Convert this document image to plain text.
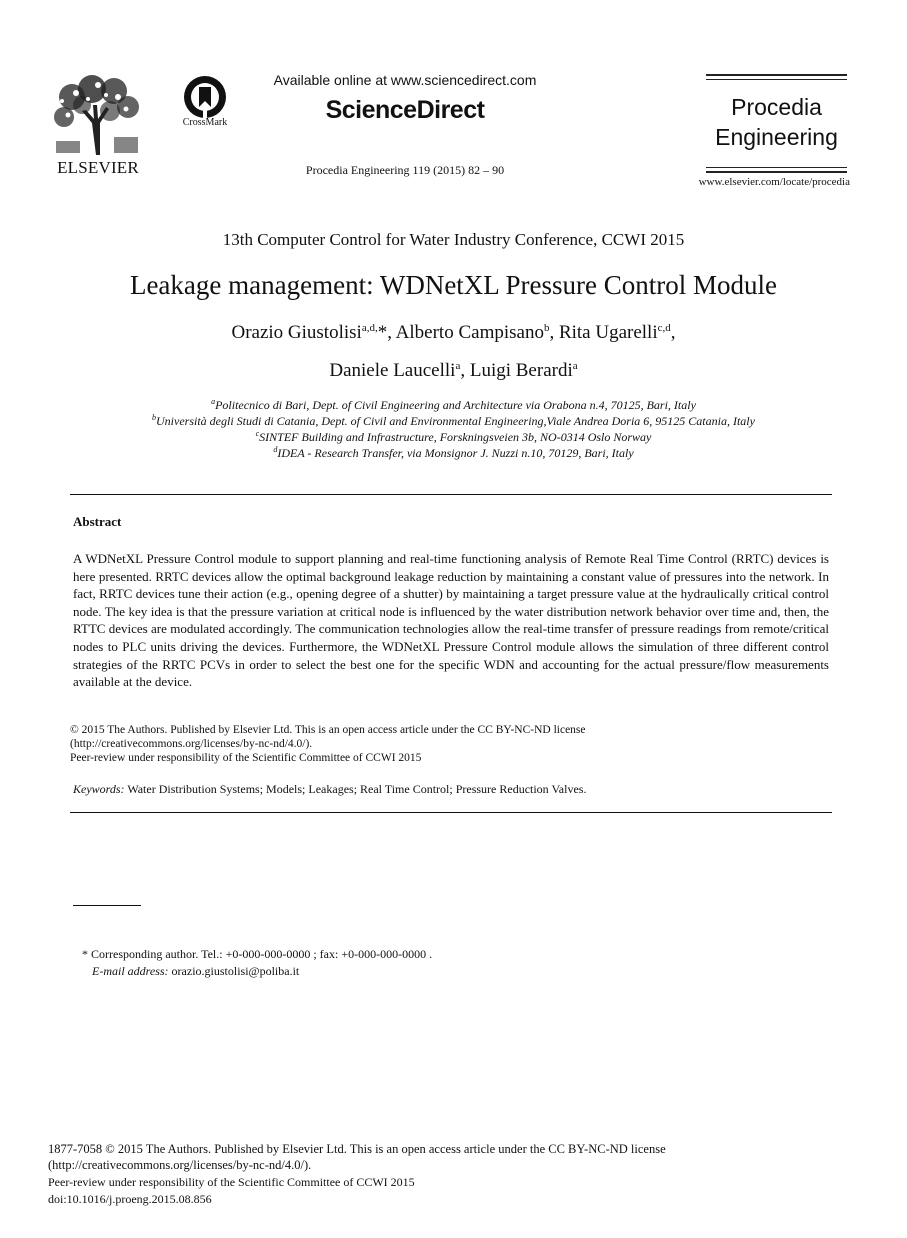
ELSEVIER
CrossMark
Available online at www.sciencedirect.com
ScienceDirect
Procedia Engineering 119 (2015) 82 – 90
Procedia
Engineering
www.elsevier.com/locate/procedia
13th Computer Control for Water Industry Conference, CCWI 2015
Leakage management: WDNetXL Pressure Control Module
Orazio Giustolisi$^{a,d,}$*, Alberto Campisano$^b$, Rita Ugarelli$^{c,d}$,
Daniele Laucelli$^a$, Luigi Berardi$^a$
$^a$Politecnico di Bari, Dept. of Civil Engineering and Architecture via Orabona n.4, 70125, Bari, Italy
$^b$Università degli Studi di Catania, Dept. of Civil and Environmental Engineering,Viale Andrea Doria 6, 95125 Catania, Italy
$^c$SINTEF Building and Infrastructure, Forskningsveien 3b, NO-0314 Oslo Norway
$^d$IDEA - Research Transfer, via Monsignor J. Nuzzi n.10, 70129, Bari, Italy
Abstract
A WDNetXL Pressure Control module to support planning and real-time functioning analysis of Remote Real Time Control (RRTC) devices is here presented. RRTC devices allow the optimal background leakage reduction by maintaining a constant value of pressures into the network. In fact, RRTC devices tune their action (e.g., opening degree of a shutter) by maintaining a target pressure value at the hydraulically critical control node. The key idea is that the pressure variation at critical node is influenced by the water distribution network behavior over time and, then, the RTTC devices are modulated accordingly. The communication technologies allow the real-time transfer of pressure readings from remote/critical nodes to PLC units driving the devices. Furthermore, the WDNetXL Pressure Control module allows the simulation of three different control strategies of the RRTC PCVs in order to select the best one for the specific WDN and accounting for the actual pressure/flow measurements available at the device.
© 2015 The Authors. Published by Elsevier Ltd. This is an open access article under the CC BY-NC-ND license
(http://creativecommons.org/licenses/by-nc-nd/4.0/).
Peer-review under responsibility of the Scientific Committee of CCWI 2015
Keywords: Water Distribution Systems; Models; Leakages; Real Time Control; Pressure Reduction Valves.
* Corresponding author. Tel.: +0-000-000-0000 ; fax: +0-000-000-0000 .
E-mail address: orazio.giustolisi@poliba.it
1877-7058 © 2015 The Authors. Published by Elsevier Ltd. This is an open access article under the CC BY-NC-ND license
(http://creativecommons.org/licenses/by-nc-nd/4.0/).
Peer-review under responsibility of the Scientific Committee of CCWI 2015
doi:10.1016/j.proeng.2015.08.856
